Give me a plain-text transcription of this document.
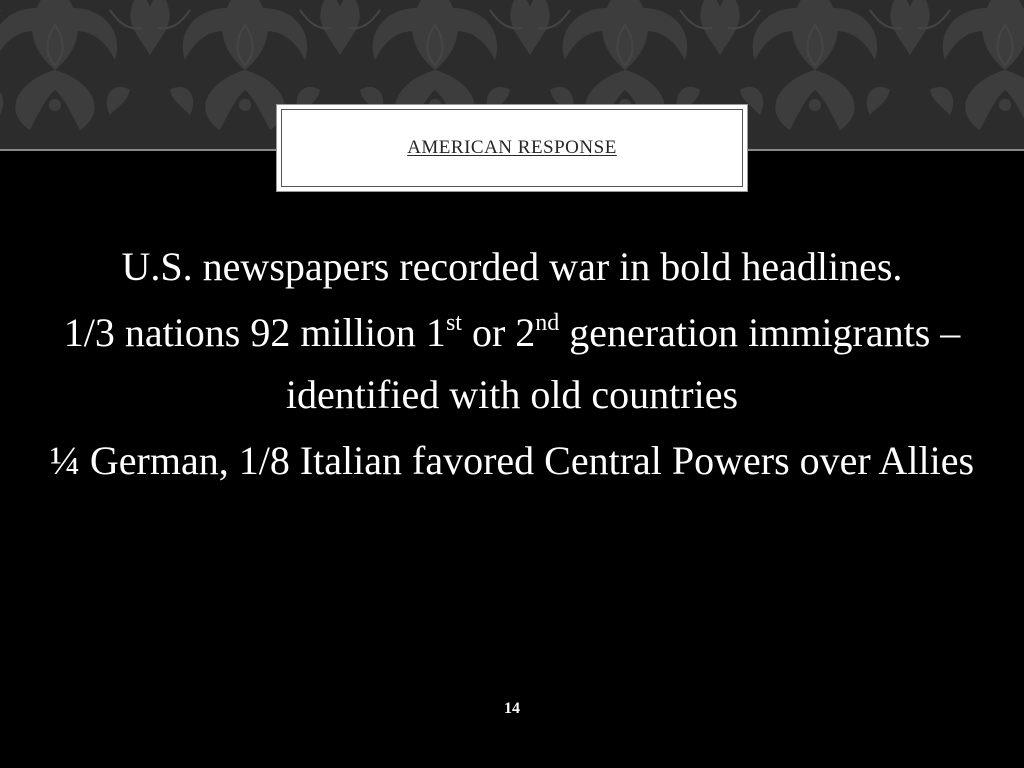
AMERICAN RESPONSE

U.S. newspapers recorded war in bold headlines.

1/3 nations 92 million 1st or 2nd generation immigrants – identified with old countries

¼ German, 1/8 Italian favored Central Powers over Allies

14
